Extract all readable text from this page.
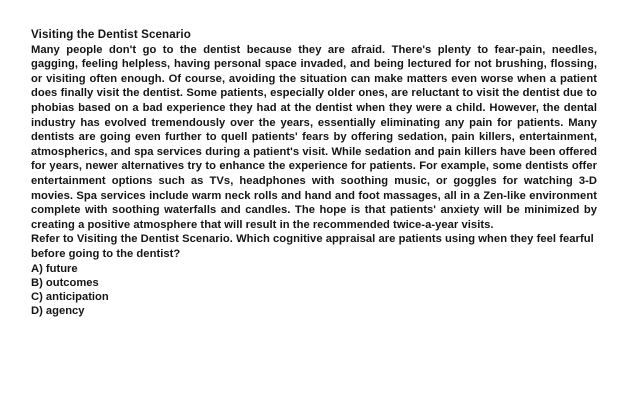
Visiting the Dentist Scenario

Many people don't go to the dentist because they are afraid. There's plenty to fear-pain, needles, gagging, feeling helpless, having personal space invaded, and being lectured for not brushing, flossing, or visiting often enough. Of course, avoiding the situation can make matters even worse when a patient does finally visit the dentist. Some patients, especially older ones, are reluctant to visit the dentist due to phobias based on a bad experience they had at the dentist when they were a child. However, the dental industry has evolved tremendously over the years, essentially eliminating any pain for patients. Many dentists are going even further to quell patients' fears by offering sedation, pain killers, entertainment, atmospherics, and spa services during a patient's visit. While sedation and pain killers have been offered for years, newer alternatives try to enhance the experience for patients. For example, some dentists offer entertainment options such as TVs, headphones with soothing music, or goggles for watching 3-D movies. Spa services include warm neck rolls and hand and foot massages, all in a Zen-like environment complete with soothing waterfalls and candles. The hope is that patients' anxiety will be minimized by creating a positive atmosphere that will result in the recommended twice-a-year visits.

Refer to Visiting the Dentist Scenario. Which cognitive appraisal are patients using when they feel fearful before going to the dentist?

A) future
B) outcomes
C) anticipation
D) agency
